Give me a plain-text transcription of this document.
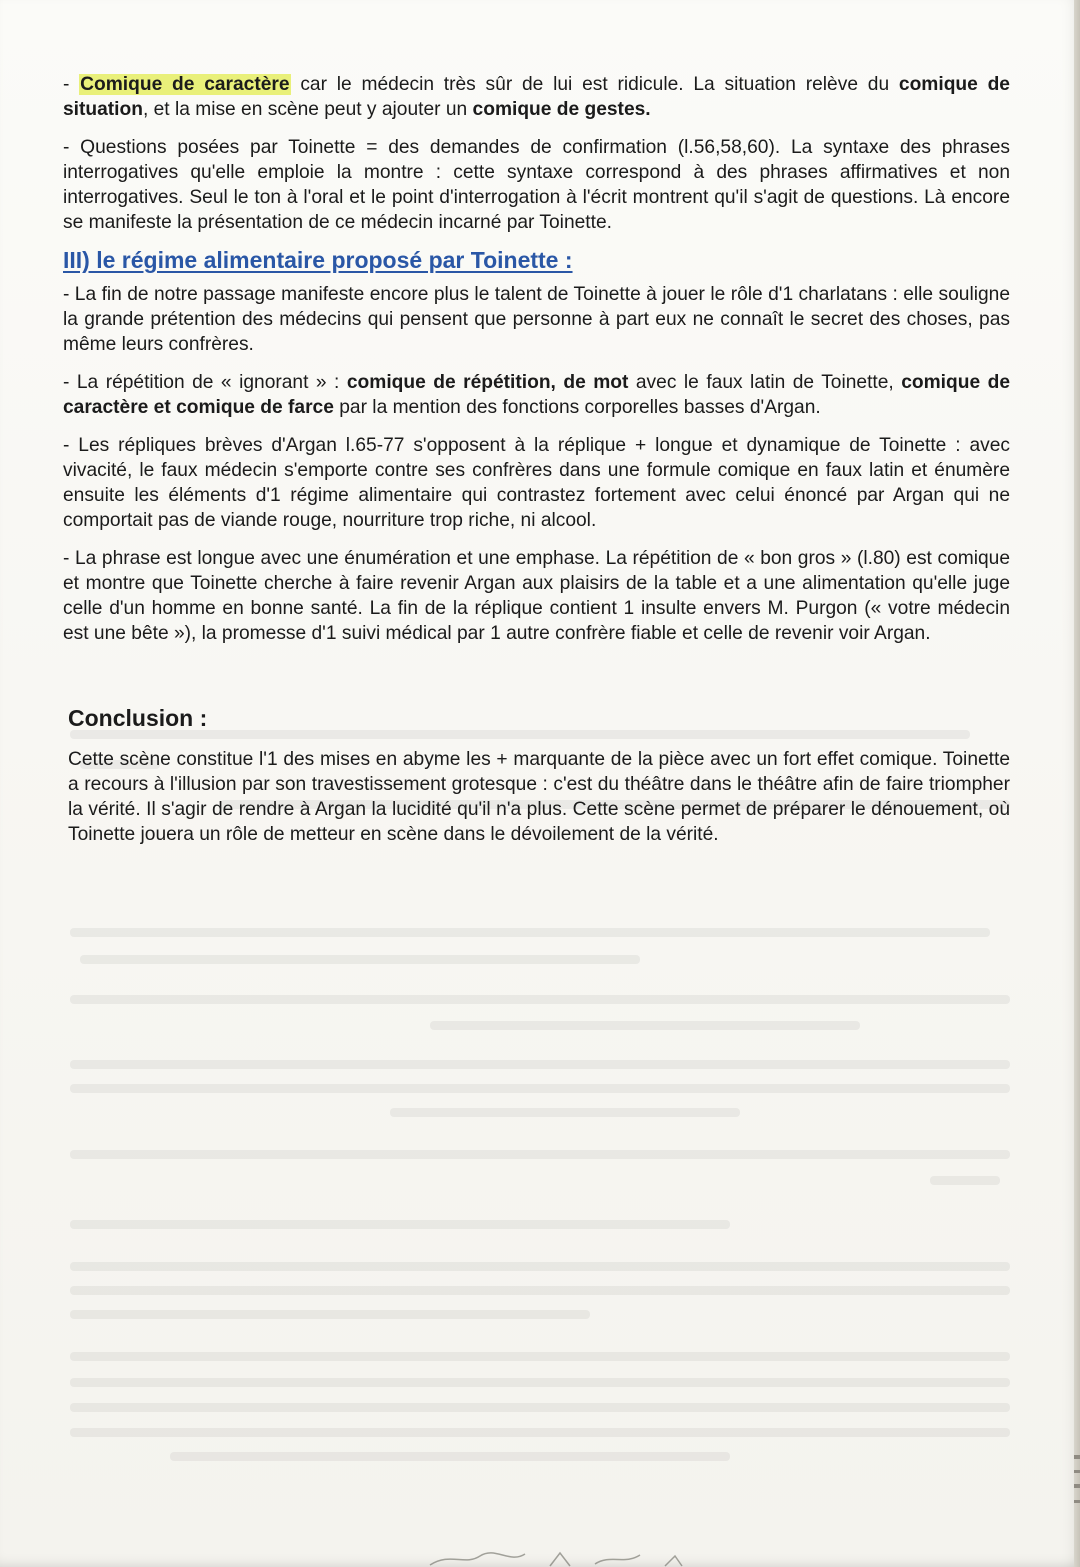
- Comique de caractère car le médecin très sûr de lui est ridicule. La situation relève du comique de situation, et la mise en scène peut y ajouter un comique de gestes.

- Questions posées par Toinette = des demandes de confirmation (l.56,58,60). La syntaxe des phrases interrogatives qu'elle emploie la montre : cette syntaxe correspond à des phrases affirmatives et non interrogatives. Seul le ton à l'oral et le point d'interrogation à l'écrit montrent qu'il s'agit de questions. Là encore se manifeste la présentation de ce médecin incarné par Toinette.

III) le régime alimentaire proposé par Toinette :

- La fin de notre passage manifeste encore plus le talent de Toinette à jouer le rôle d'1 charlatans : elle souligne la grande prétention des médecins qui pensent que personne à part eux ne connaît le secret des choses, pas même leurs confrères.

- La répétition de « ignorant » : comique de répétition, de mot avec le faux latin de Toinette, comique de caractère et comique de farce par la mention des fonctions corporelles basses d'Argan.

- Les répliques brèves d'Argan l.65-77 s'opposent à la réplique + longue et dynamique de Toinette : avec vivacité, le faux médecin s'emporte contre ses confrères dans une formule comique en faux latin et énumère ensuite les éléments d'1 régime alimentaire qui contrastez fortement avec celui énoncé par Argan qui ne comportait pas de viande rouge, nourriture trop riche, ni alcool.

- La phrase est longue avec une énumération et une emphase. La répétition de « bon gros » (l.80) est comique et montre que Toinette cherche à faire revenir Argan aux plaisirs de la table et a une alimentation qu'elle juge celle d'un homme en bonne santé. La fin de la réplique contient 1 insulte envers M. Purgon (« votre médecin est une bête »), la promesse d'1 suivi médical par 1 autre confrère fiable et celle de revenir voir Argan.

Conclusion :

Cette scène constitue l'1 des mises en abyme les + marquante de la pièce avec un fort effet comique. Toinette a recours à l'illusion par son travestissement grotesque : c'est du théâtre dans le théâtre afin de faire triompher la vérité. Il s'agir de rendre à Argan la lucidité qu'il n'a plus. Cette scène permet de préparer le dénouement, où Toinette jouera un rôle de metteur en scène dans le dévoilement de la vérité.
